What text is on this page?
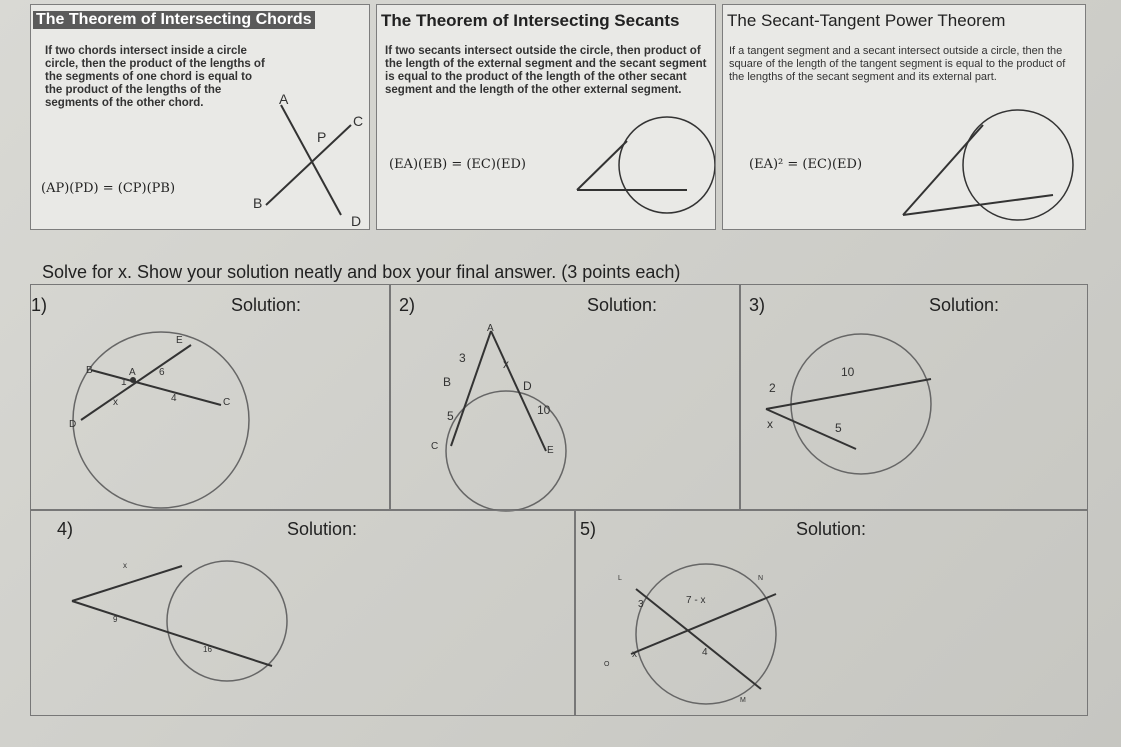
The Theorem of Intersecting Chords
If two chords intersect inside a circle circle, then the product of the lengths of the segments of one chord is equal to the product of the lengths of the segments of the other chord.
(AP)(PD) = (CP)(PB)
A
C
P
B
D
The Theorem of Intersecting Secants
If two secants intersect outside the circle, then product of the length of the external segment and the secant segment is equal to the product of the length of the other secant segment and the length of the other external segment.
(EA)(EB) = (EC)(ED)
The Secant-Tangent Power Theorem
If a tangent segment and a secant intersect outside a circle, then the square of the length of the tangent segment is equal to the product of the lengths of the secant segment and its external part.
(EA)² = (EC)(ED)
Solve for x. Show your solution neatly and box your final answer. (3 points each)
1)	Solution:
E
B	A 6
1
4	C
x
D
2)	Solution:
A
3	x
B	D
10
5
C	E
3)	Solution:
10
2
x	5
4)	Solution:
x
9
16
5)	Solution:
L	N
3	7 - x
x	4
O
M
